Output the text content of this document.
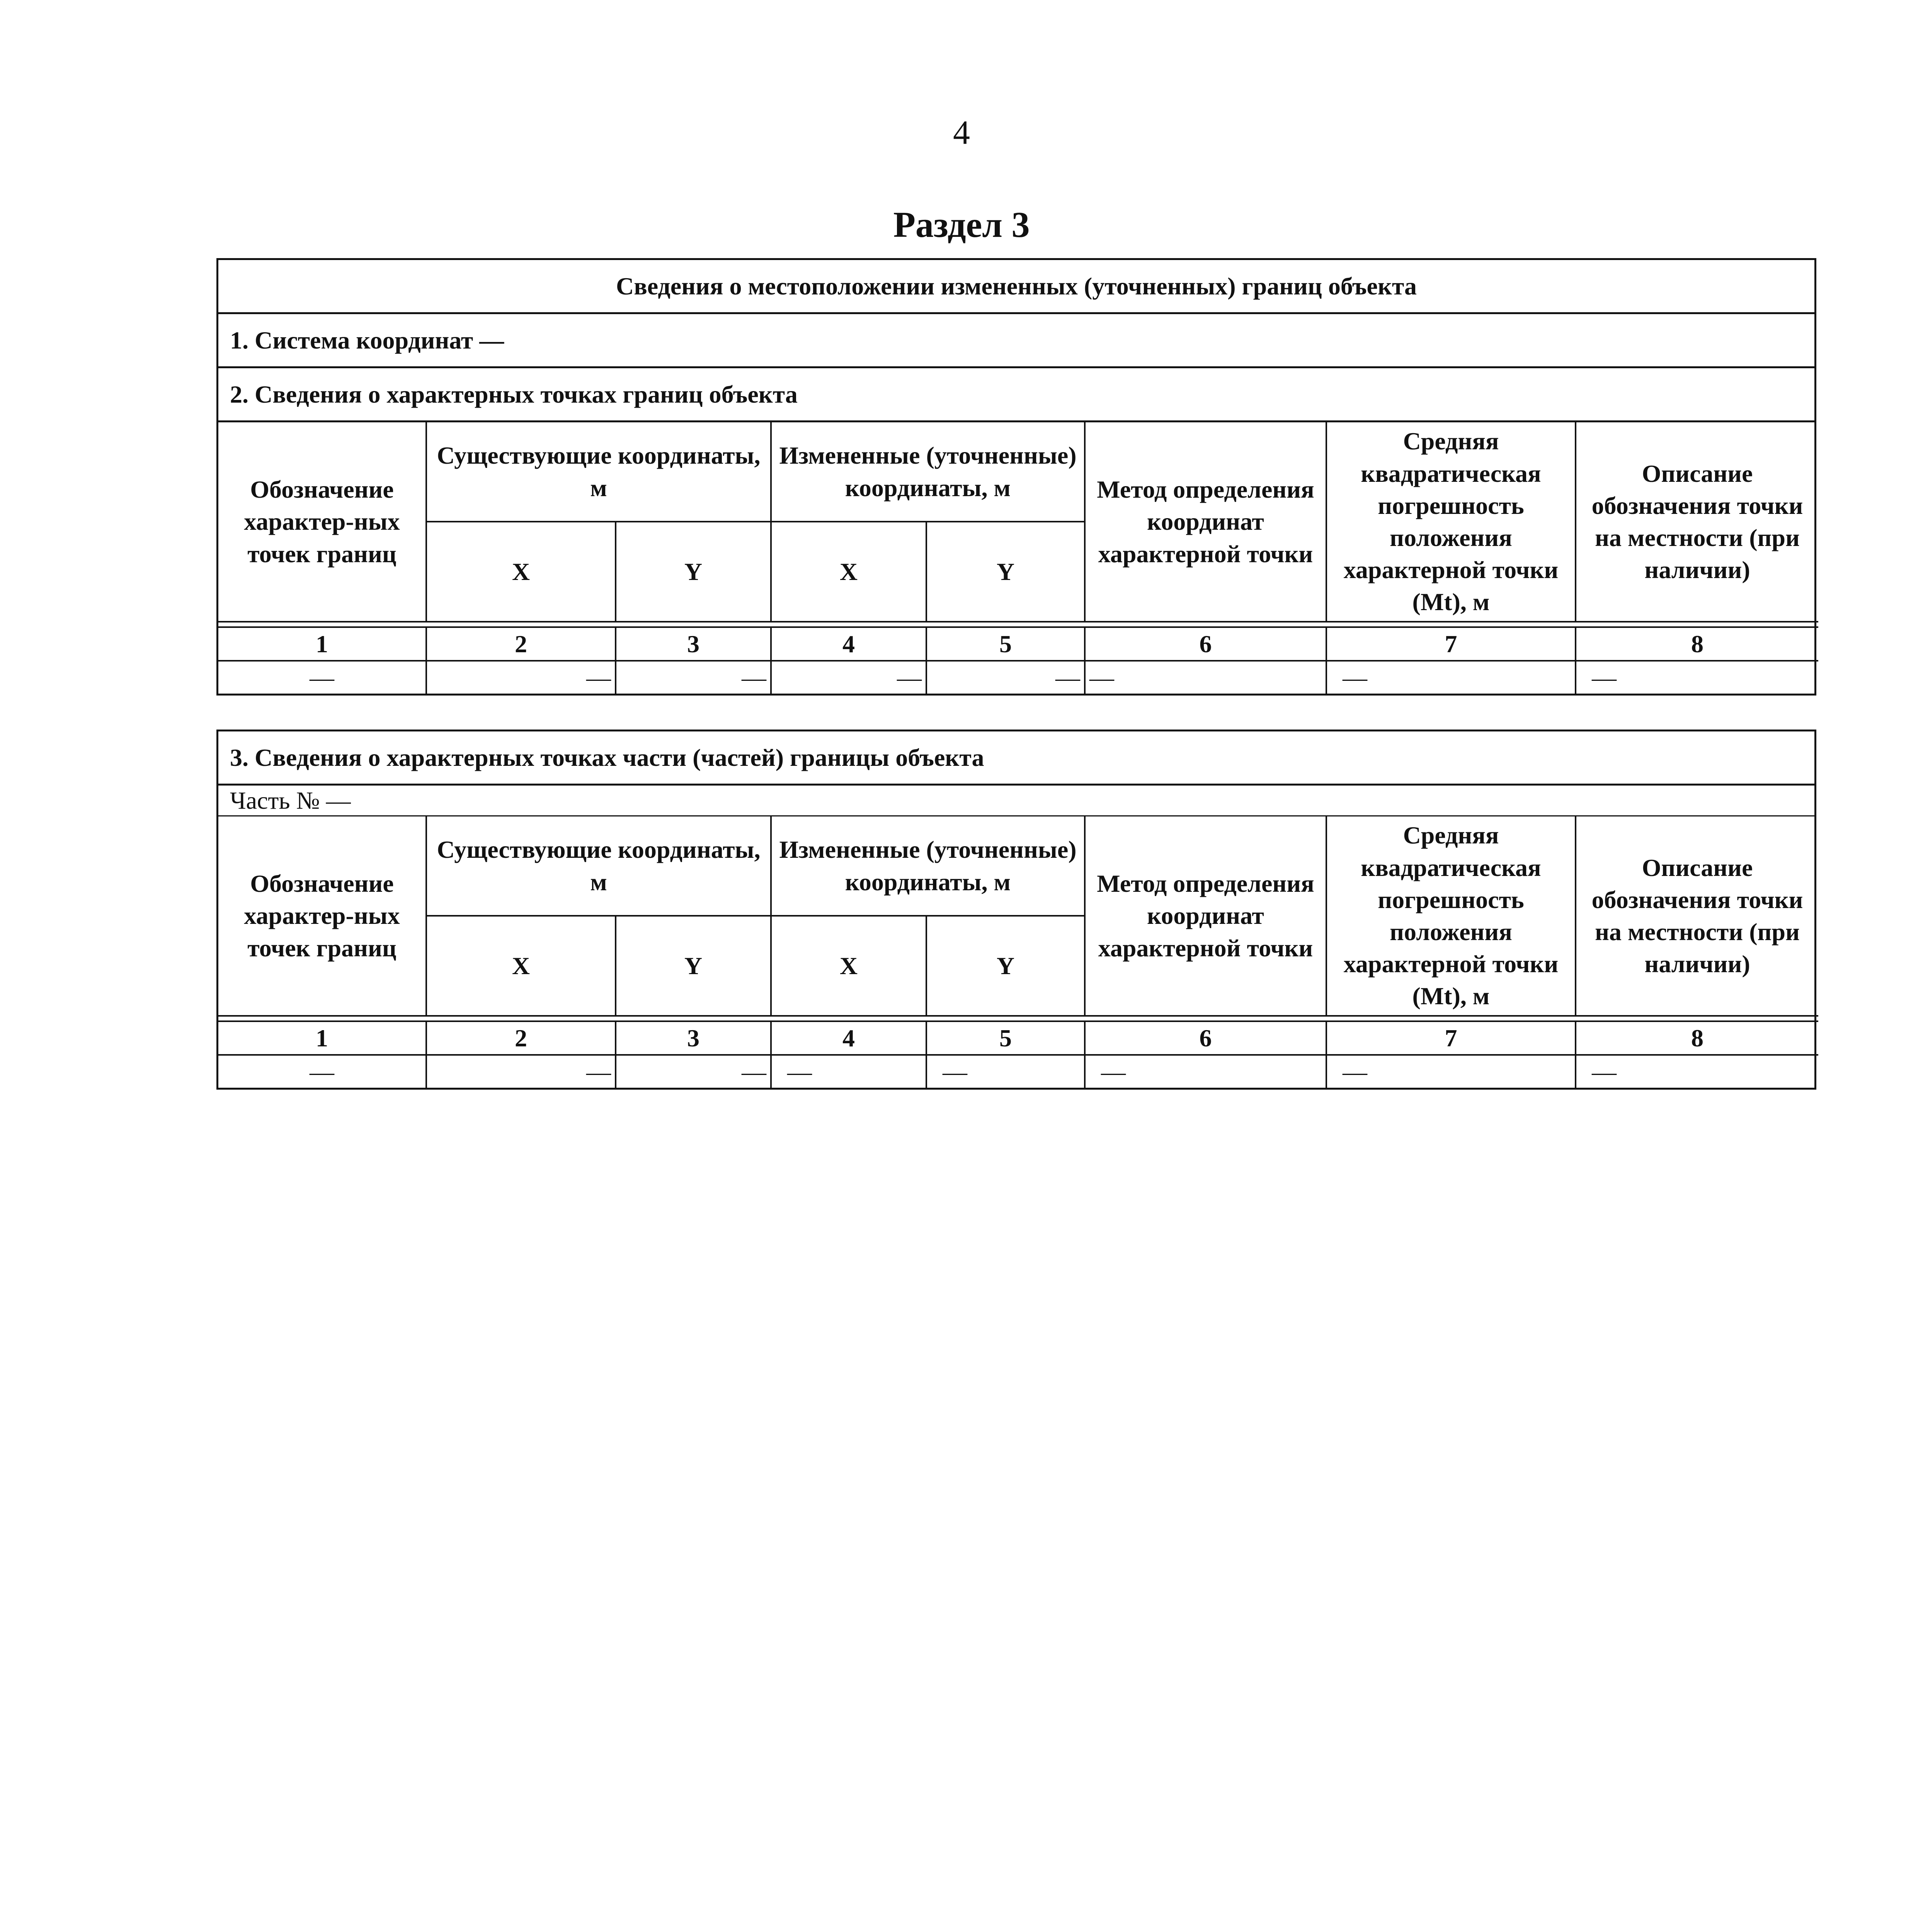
4
Раздел 3
Сведения о местоположении измененных (уточненных) границ объекта
1. Система координат —
2. Сведения о характерных точках границ объекта
Обозначение характер-ных точек границ	Существующие координаты, м		Измененные (уточненные) координаты, м		Метод определения координат характерной точки	Средняя квадратическая погрешность положения характерной точки (Mt), м	Описание обозначения точки на местности (при наличии)
	X	Y	X	Y			

1	2	3	4	5	6	7	8
—	—	—	—	—	—	—	—
3. Сведения о характерных точках части (частей) границы объекта
Часть № —
Обозначение характер-ных точек границ	Существующие координаты, м		Измененные (уточненные) координаты, м		Метод определения координат характерной точки	Средняя квадратическая погрешность положения характерной точки (Mt), м	Описание обозначения точки на местности (при наличии)
	X	Y	X	Y			

1	2	3	4	5	6	7	8
—	—	—	—	—	—	—	—
